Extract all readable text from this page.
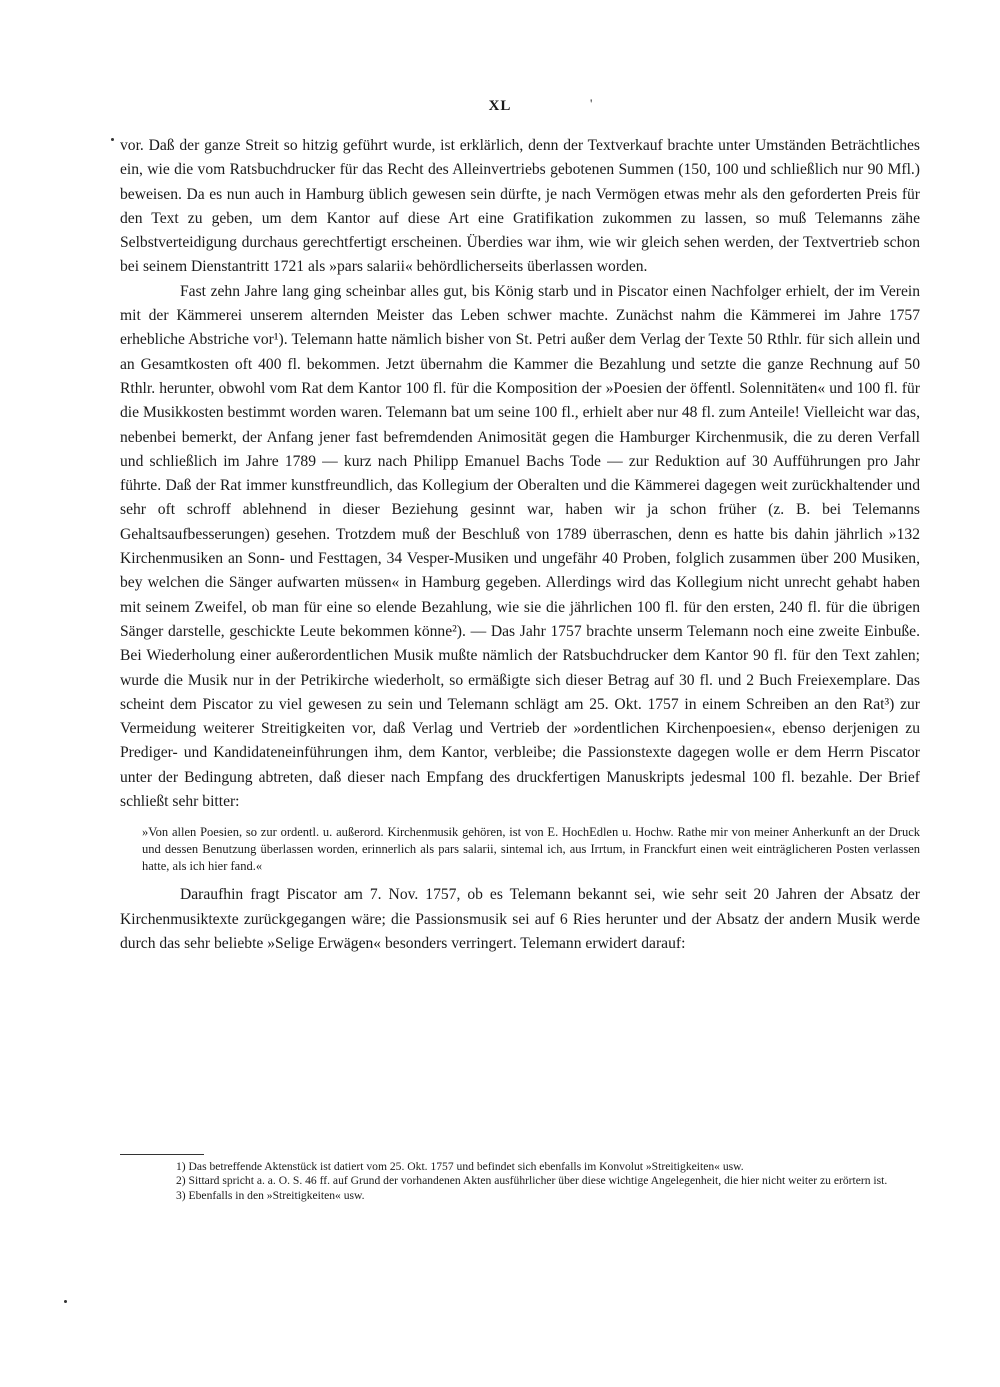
XL	'

vor. Daß der ganze Streit so hitzig geführt wurde, ist erklärlich, denn der Textverkauf brachte unter Umständen Beträchtliches ein, wie die vom Ratsbuchdrucker für das Recht des Alleinvertriebs gebotenen Summen (150, 100 und schließlich nur 90 Mfl.) beweisen. Da es nun auch in Hamburg üblich gewesen sein dürfte, je nach Vermögen etwas mehr als den geforderten Preis für den Text zu geben, um dem Kantor auf diese Art eine Gratifikation zukommen zu lassen, so muß Telemanns zähe Selbstverteidigung durchaus gerechtfertigt erscheinen. Überdies war ihm, wie wir gleich sehen werden, der Textvertrieb schon bei seinem Dienstantritt 1721 als »pars salarii« behördlicherseits überlassen worden.

Fast zehn Jahre lang ging scheinbar alles gut, bis König starb und in Piscator einen Nachfolger erhielt, der im Verein mit der Kämmerei unserem alternden Meister das Leben schwer machte. Zunächst nahm die Kämmerei im Jahre 1757 erhebliche Abstriche vor¹). Telemann hatte nämlich bisher von St. Petri außer dem Verlag der Texte 50 Rthlr. für sich allein und an Gesamtkosten oft 400 fl. bekommen. Jetzt übernahm die Kammer die Bezahlung und setzte die ganze Rechnung auf 50 Rthlr. herunter, obwohl vom Rat dem Kantor 100 fl. für die Komposition der »Poesien der öffentl. Solennitäten« und 100 fl. für die Musikkosten bestimmt worden waren. Telemann bat um seine 100 fl., erhielt aber nur 48 fl. zum Anteile! Vielleicht war das, nebenbei bemerkt, der Anfang jener fast befremdenden Animosität gegen die Hamburger Kirchenmusik, die zu deren Verfall und schließlich im Jahre 1789 — kurz nach Philipp Emanuel Bachs Tode — zur Reduktion auf 30 Aufführungen pro Jahr führte. Daß der Rat immer kunstfreundlich, das Kollegium der Oberalten und die Kämmerei dagegen weit zurückhaltender und sehr oft schroff ablehnend in dieser Beziehung gesinnt war, haben wir ja schon früher (z. B. bei Telemanns Gehaltsaufbesserungen) gesehen. Trotzdem muß der Beschluß von 1789 überraschen, denn es hatte bis dahin jährlich »132 Kirchenmusiken an Sonn- und Festtagen, 34 Vesper-Musiken und ungefähr 40 Proben, folglich zusammen über 200 Musiken, bey welchen die Sänger aufwarten müssen« in Hamburg gegeben. Allerdings wird das Kollegium nicht unrecht gehabt haben mit seinem Zweifel, ob man für eine so elende Bezahlung, wie sie die jährlichen 100 fl. für den ersten, 240 fl. für die übrigen Sänger darstelle, geschickte Leute bekommen könne²). — Das Jahr 1757 brachte unserm Telemann noch eine zweite Einbuße. Bei Wiederholung einer außerordentlichen Musik mußte nämlich der Ratsbuchdrucker dem Kantor 90 fl. für den Text zahlen; wurde die Musik nur in der Petrikirche wiederholt, so ermäßigte sich dieser Betrag auf 30 fl. und 2 Buch Freiexemplare. Das scheint dem Piscator zu viel gewesen zu sein und Telemann schlägt am 25. Okt. 1757 in einem Schreiben an den Rat³) zur Vermeidung weiterer Streitigkeiten vor, daß Verlag und Vertrieb der »ordentlichen Kirchenpoesien«, ebenso derjenigen zu Prediger- und Kandidateneinführungen ihm, dem Kantor, verbleibe; die Passionstexte dagegen wolle er dem Herrn Piscator unter der Bedingung abtreten, daß dieser nach Empfang des druckfertigen Manuskripts jedesmal 100 fl. bezahle. Der Brief schließt sehr bitter:

»Von allen Poesien, so zur ordentl. u. außerord. Kirchenmusik gehören, ist von E. HochEdlen u. Hochw. Rathe mir von meiner Anherkunft an der Druck und dessen Benutzung überlassen worden, erinnerlich als pars salarii, sintemal ich, aus Irrtum, in Franckfurt einen weit einträglicheren Posten verlassen hatte, als ich hier fand.«

Daraufhin fragt Piscator am 7. Nov. 1757, ob es Telemann bekannt sei, wie sehr seit 20 Jahren der Absatz der Kirchenmusiktexte zurückgegangen wäre; die Passionsmusik sei auf 6 Ries herunter und der Absatz der andern Musik werde durch das sehr beliebte »Selige Erwägen« besonders verringert. Telemann erwidert darauf:

1) Das betreffende Aktenstück ist datiert vom 25. Okt. 1757 und befindet sich ebenfalls im Konvolut »Streitigkeiten« usw.

2) Sittard spricht a. a. O. S. 46 ff. auf Grund der vorhandenen Akten ausführlicher über diese wichtige Angelegenheit, die hier nicht weiter zu erörtern ist.

3) Ebenfalls in den »Streitigkeiten« usw.
